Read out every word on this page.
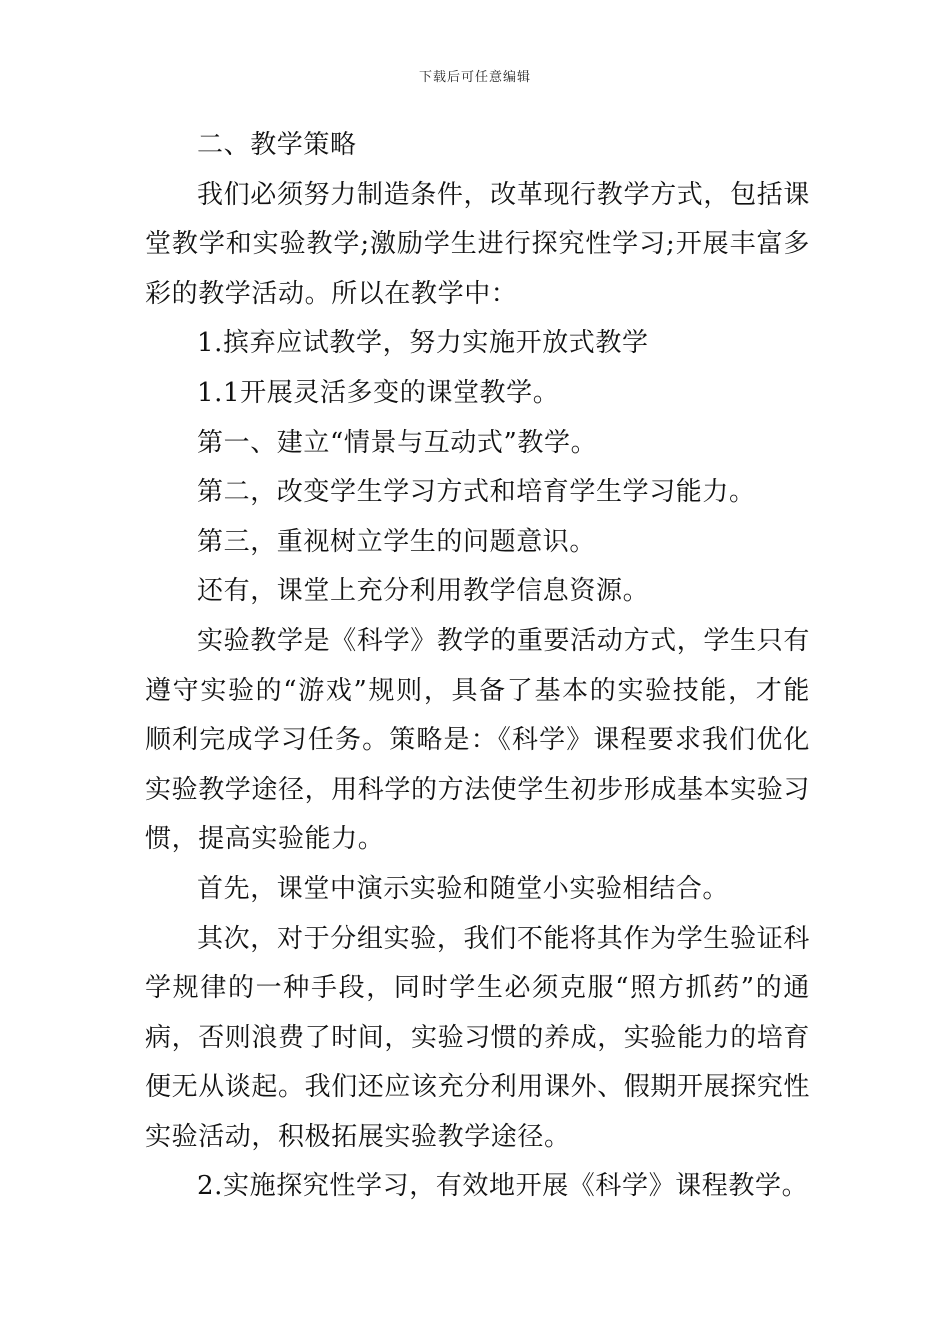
下载后可任意编辑

二、教学策略

我们必须努力制造条件，改革现行教学方式，包括课堂教学和实验教学;激励学生进行探究性学习;开展丰富多彩的教学活动。所以在教学中：

1.摈弃应试教学，努力实施开放式教学

1.1开展灵活多变的课堂教学。

第一、建立“情景与互动式”教学。

第二，改变学生学习方式和培育学生学习能力。

第三，重视树立学生的问题意识。

还有，课堂上充分利用教学信息资源。

实验教学是《科学》教学的重要活动方式，学生只有遵守实验的“游戏”规则，具备了基本的实验技能，才能顺利完成学习任务。策略是：《科学》课程要求我们优化实验教学途径，用科学的方法使学生初步形成基本实验习惯，提高实验能力。

首先，课堂中演示实验和随堂小实验相结合。

其次，对于分组实验，我们不能将其作为学生验证科学规律的一种手段，同时学生必须克服“照方抓药”的通病，否则浪费了时间，实验习惯的养成，实验能力的培育便无从谈起。我们还应该充分利用课外、假期开展探究性实验活动，积极拓展实验教学途径。

2.实施探究性学习，有效地开展《科学》课程教学。
